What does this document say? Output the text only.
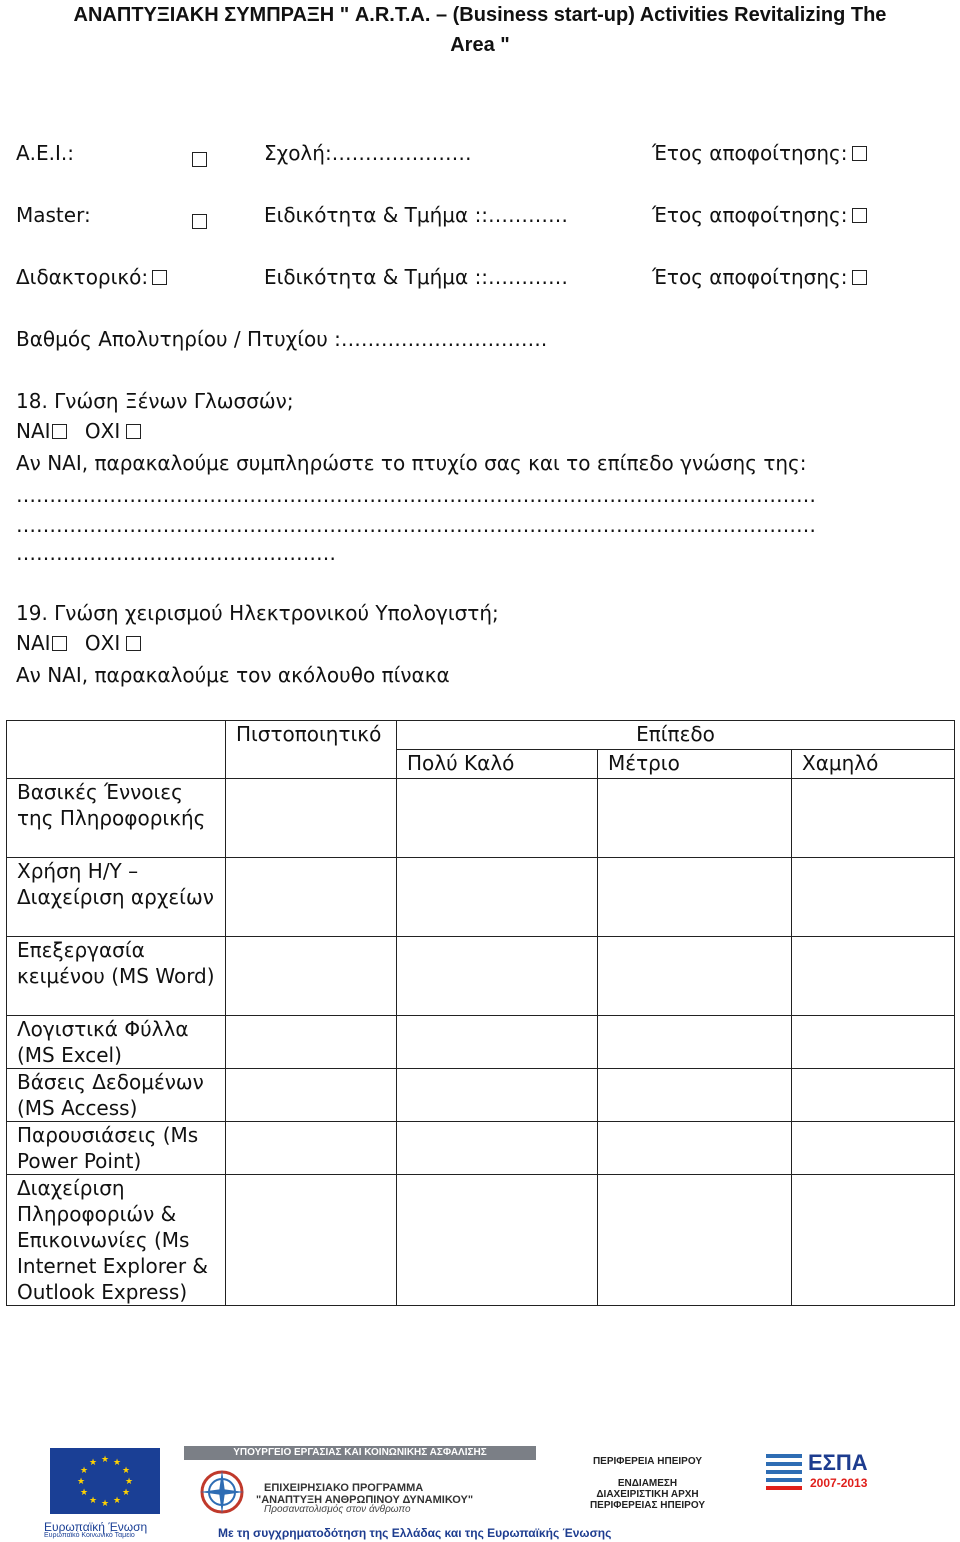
ΑΝΑΠΤΥΞΙΑΚΗ ΣΥΜΠΡΑΞΗ " A.R.T.A. – (Business start-up) Activities Revitalizing The
Area "
Α.Ε.Ι.:	Σχολή:…………………	Έτος αποφοίτησης:
Master:	Ειδικότητα & Τμήμα ::…………	Έτος αποφοίτησης:
Διδακτορικό:	Ειδικότητα & Τμήμα ::…………	Έτος αποφοίτησης:
Βαθμός Απολυτηρίου / Πτυχίου :………………………….
18. Γνώση Ξένων Γλωσσών;
ΝΑΙ ΟΧΙ
Αν ΝΑΙ, παρακαλούμε συμπληρώστε το πτυχίο σας και το επίπεδο γνώσης της:
…………………………………………………………………………………………………………
…………………………………………………………………………………………………………
…………………………………………
19. Γνώση χειρισμού Ηλεκτρονικού Υπολογιστή;
ΝΑΙ ΟΧΙ
Αν ΝΑΙ, παρακαλούμε τον ακόλουθο πίνακα
	Πιστοποιητικό	Επίπεδο		
		Πολύ Καλό	Μέτριο	Χαμηλό
Βασικές Έννοιες της Πληροφορικής				
Χρήση Η/Υ – Διαχείριση αρχείων				
Επεξεργασία κειμένου (MS Word)				
Λογιστικά Φύλλα (MS Excel)				
Βάσεις Δεδομένων (MS Access)				
Παρουσιάσεις (Ms Power Point)				
Διαχείριση Πληροφοριών & Επικοινωνίες (Ms Internet Explorer & Outlook Express)				
★ ★
★
★
★
★
★
★
★
★
★
★
Ευρωπαϊκή Ένωση
Ευρωπαϊκό Κοινωνικό Ταμείο
ΥΠΟΥΡΓΕΙΟ ΕΡΓΑΣΙΑΣ ΚΑΙ ΚΟΙΝΩΝΙΚΗΣ ΑΣΦΑΛΙΣΗΣ
ΕΠΙΧΕΙΡΗΣΙΑΚΟ ΠΡΟΓΡΑΜΜΑ
"ΑΝΑΠΤΥΞΗ ΑΝΘΡΩΠΙΝΟΥ ΔΥΝΑΜΙΚΟΥ"
Προσανατολισμός στον άνθρωπο
ΠΕΡΙΦΕΡΕΙΑ ΗΠΕΙΡΟΥ
ΕΝΔΙΑΜΕΣΗ
ΔΙΑΧΕΙΡΙΣΤΙΚΗ ΑΡΧΗ
ΠΕΡΙΦΕΡΕΙΑΣ ΗΠΕΙΡΟΥ
ΕΣΠΑ
2007-2013
Με τη συγχρηματοδότηση της Ελλάδας και της Ευρωπαϊκής Ένωσης
